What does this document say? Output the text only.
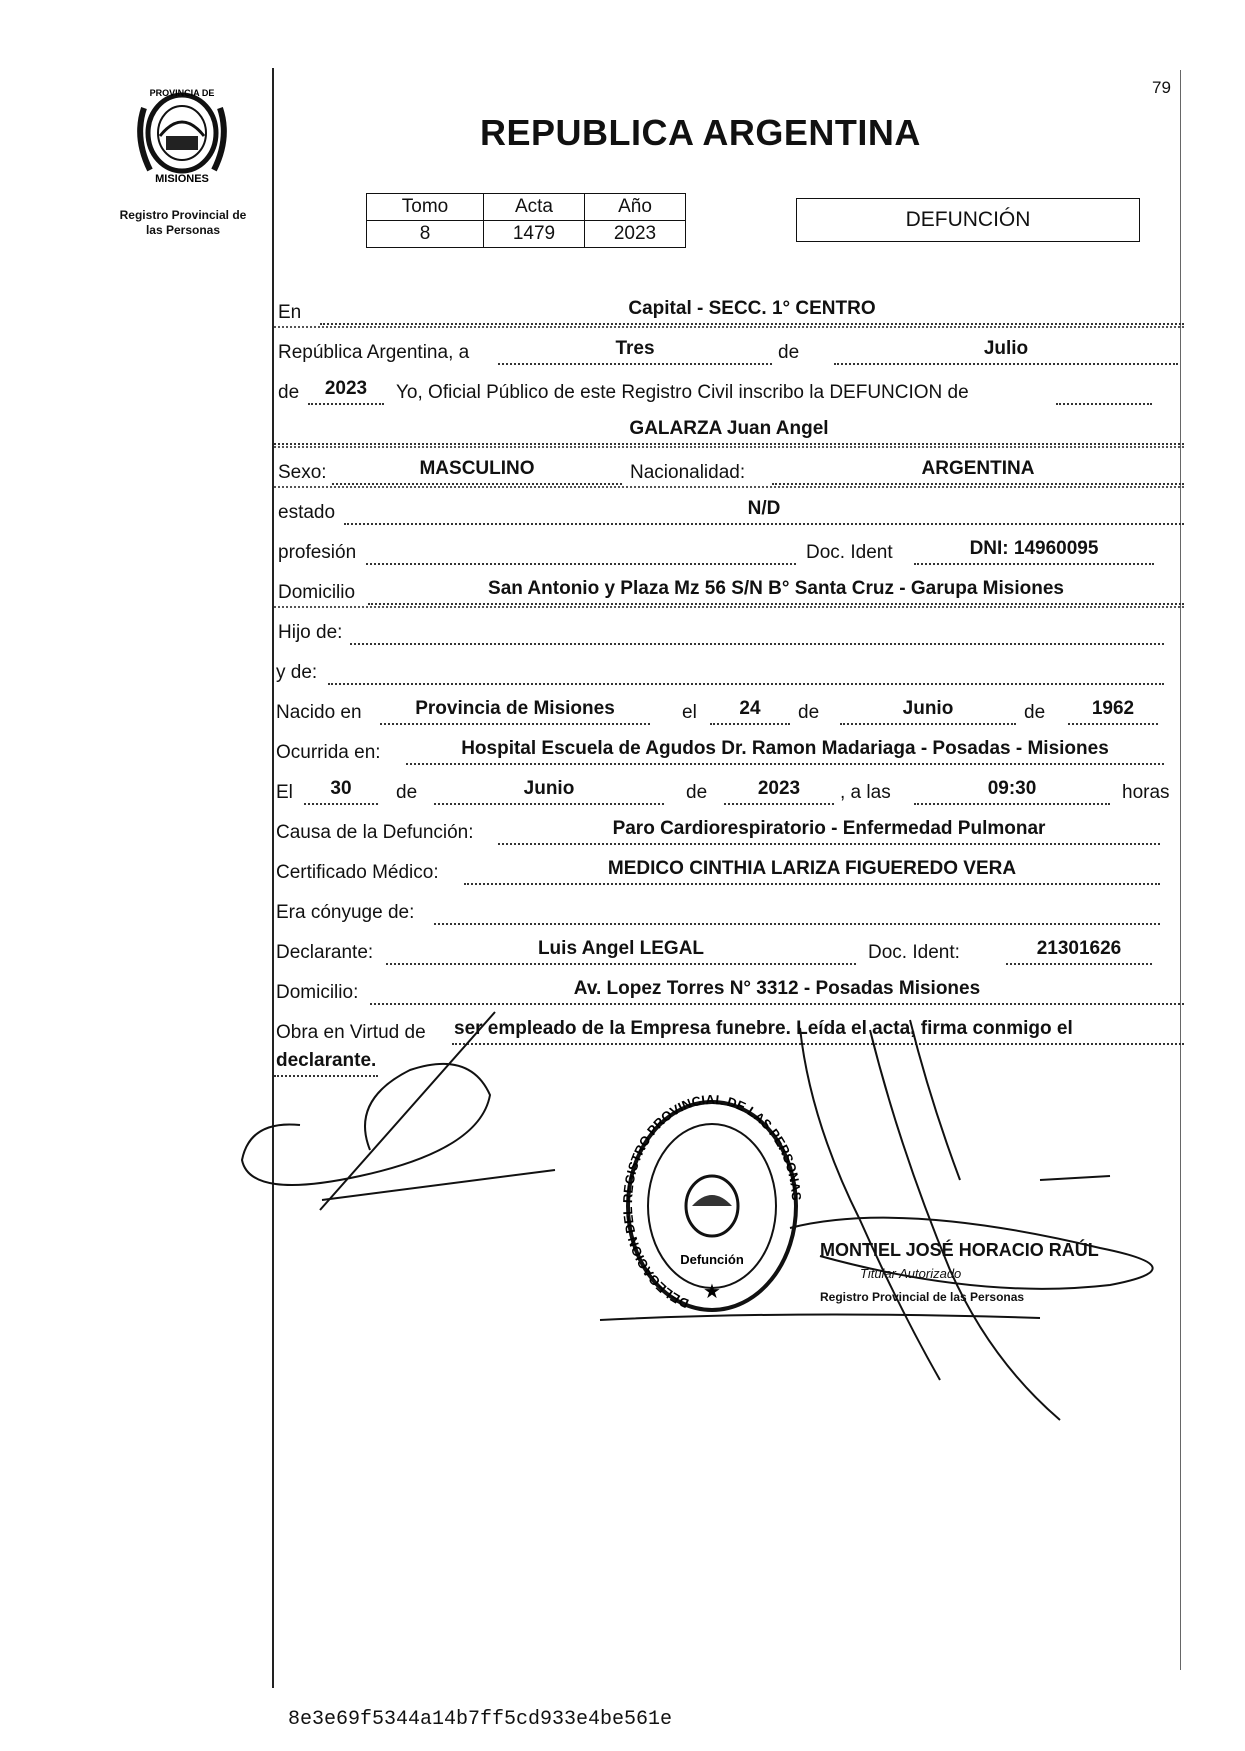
PROVINCIA DE
MISIONES
Registro Provincial de
las Personas
79
REPUBLICA ARGENTINA
Tomo	Acta	Año
8	1479	2023
DEFUNCIÓN
En	Capital - SECC. 1° CENTRO
República Argentina, a	Tres	de	Julio
de	2023	Yo, Oficial Público de este Registro Civil inscribo la DEFUNCION de
GALARZA Juan Angel
Sexo:	MASCULINO	Nacionalidad:	ARGENTINA
estado	N/D
profesión	Doc. Ident	DNI: 14960095
Domicilio	San Antonio y Plaza Mz 56 S/N B° Santa Cruz - Garupa Misiones
Hijo de:
y de:
Nacido en	Provincia de Misiones	el	24	de	Junio	de	1962
Ocurrida en:	Hospital Escuela de Agudos Dr. Ramon Madariaga - Posadas - Misiones
El	30	de	Junio	de	2023	, a las	09:30	horas
Causa de la Defunción:	Paro Cardiorespiratorio - Enfermedad Pulmonar
Certificado Médico:	MEDICO CINTHIA LARIZA FIGUEREDO VERA
Era cónyuge de:
Declarante:	Luis Angel LEGAL	Doc. Ident:	21301626
Domicilio:	Av. Lopez Torres N° 3312 - Posadas Misiones
Obra en Virtud de ser empleado de la Empresa funebre. Leída el acta, firma conmigo el
declarante.
DELEGACION DE EGISTRO PROVINCIAL DE LAS PERSONA
Defunción
★
MONTIEL JOSÉ HORACIO RAÚL
Titular Autorizado
Registro Provincial de las Personas
8e3e69f5344a14b7ff5cd933e4be561e
